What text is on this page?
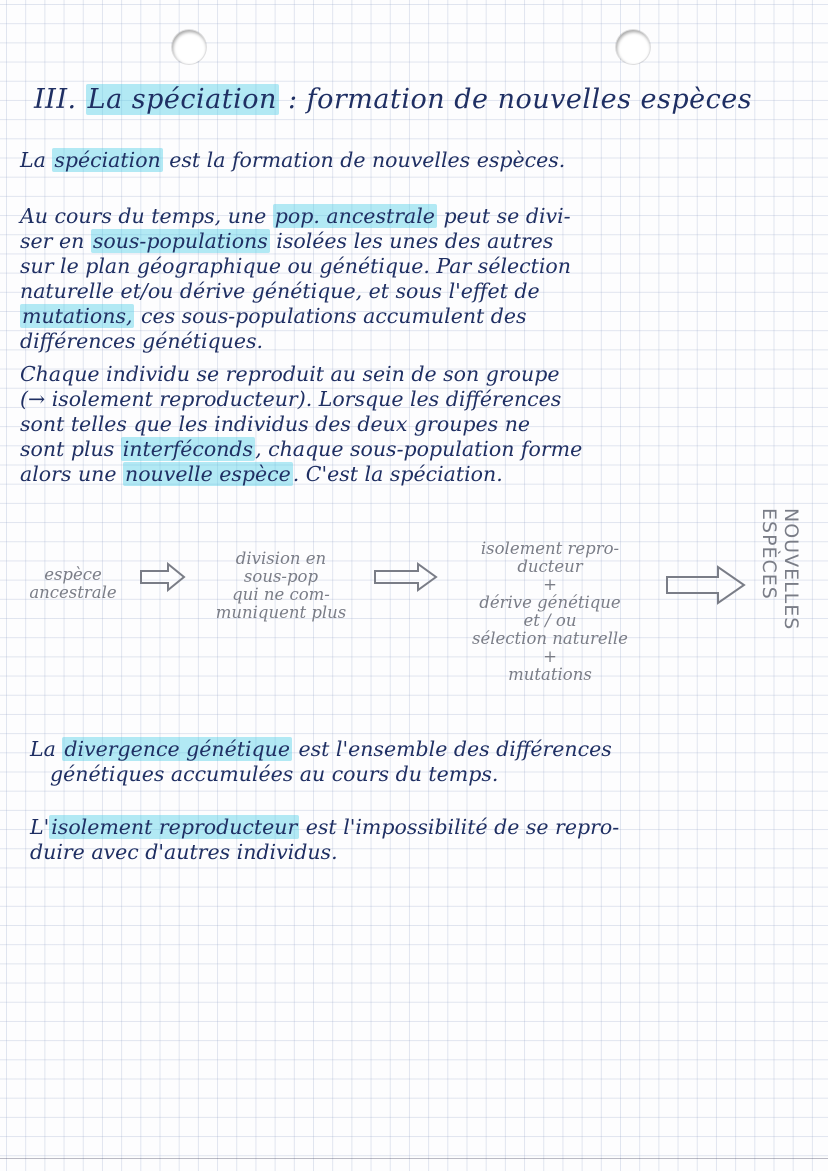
III. La spéciation : formation de nouvelles espèces
La spéciation est la formation de nouvelles espèces.
Au cours du temps, une pop. ancestrale peut se divi-
ser en sous-populations isolées les unes des autres
sur le plan géographique ou génétique. Par sélection
naturelle et/ou dérive génétique, et sous l'effet de
mutations, ces sous-populations accumulent des
différences génétiques.
Chaque individu se reproduit au sein de son groupe
(→ isolement reproducteur). Lorsque les différences
sont telles que les individus des deux groupes ne
sont plus interféconds, chaque sous-population forme
alors une nouvelle espèce. C'est la spéciation.
espèce
ancestrale
division en
sous-pop
qui ne com-
muniquent plus
isolement repro-
ducteur
+
dérive génétique
et / ou
sélection naturelle
+
mutations
NOUVELLES
ESPÈCES
La divergence génétique est l'ensemble des différences
génétiques accumulées au cours du temps.
L'isolement reproducteur est l'impossibilité de se repro-
duire avec d'autres individus.
